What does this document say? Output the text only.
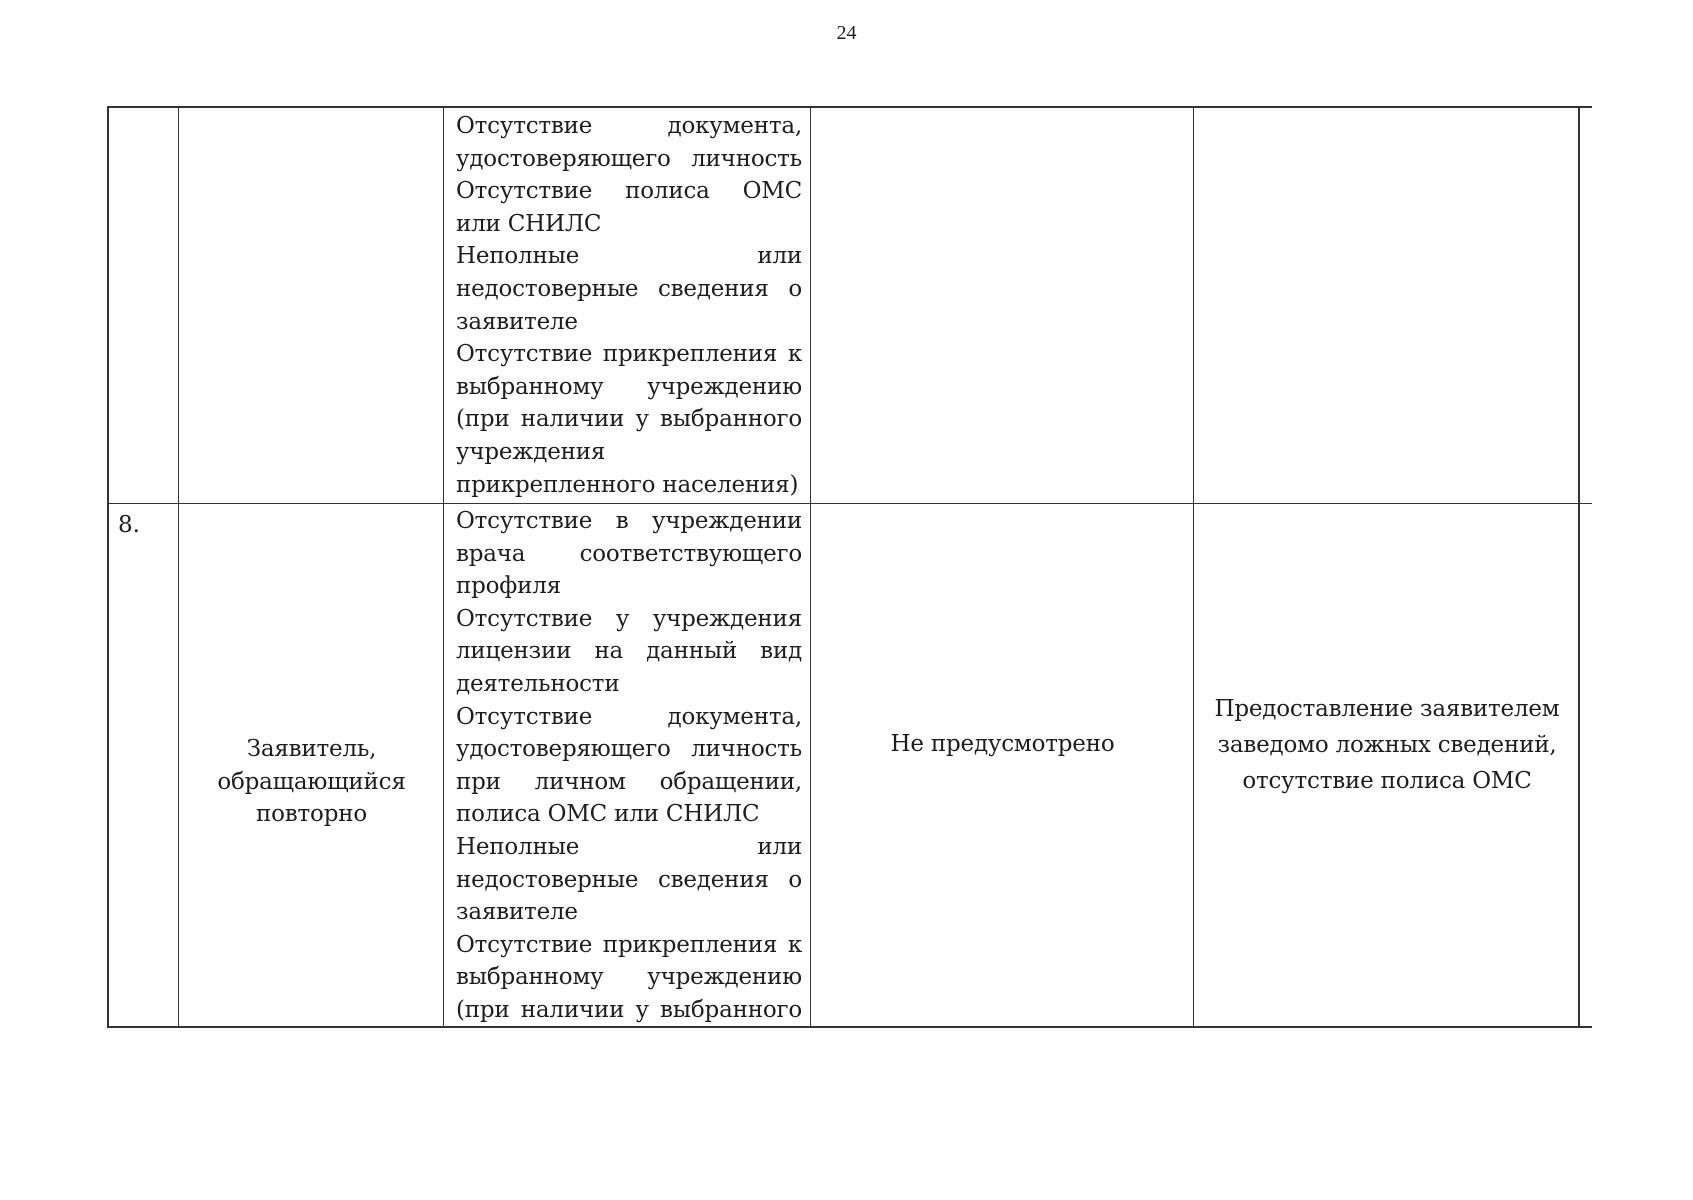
24
Отсутствие документа,
удостоверяющего личность
Отсутствие полиса ОМС
или СНИЛС
Неполные или
недостоверные сведения о
заявителе
Отсутствие прикрепления к
выбранному учреждению
(при наличии у выбранного
учреждения
прикрепленного населения)
8.
Заявитель,
обращающийся
повторно
Отсутствие в учреждении
врача соответствующего
профиля
Отсутствие у учреждения
лицензии на данный вид
деятельности
Отсутствие документа,
удостоверяющего личность
при личном обращении,
полиса ОМС или СНИЛС
Неполные или
недостоверные сведения о
заявителе
Отсутствие прикрепления к
выбранному учреждению
(при наличии у выбранного
Не предусмотрено
Предоставление заявителем
заведомо ложных сведений,
отсутствие полиса ОМС
